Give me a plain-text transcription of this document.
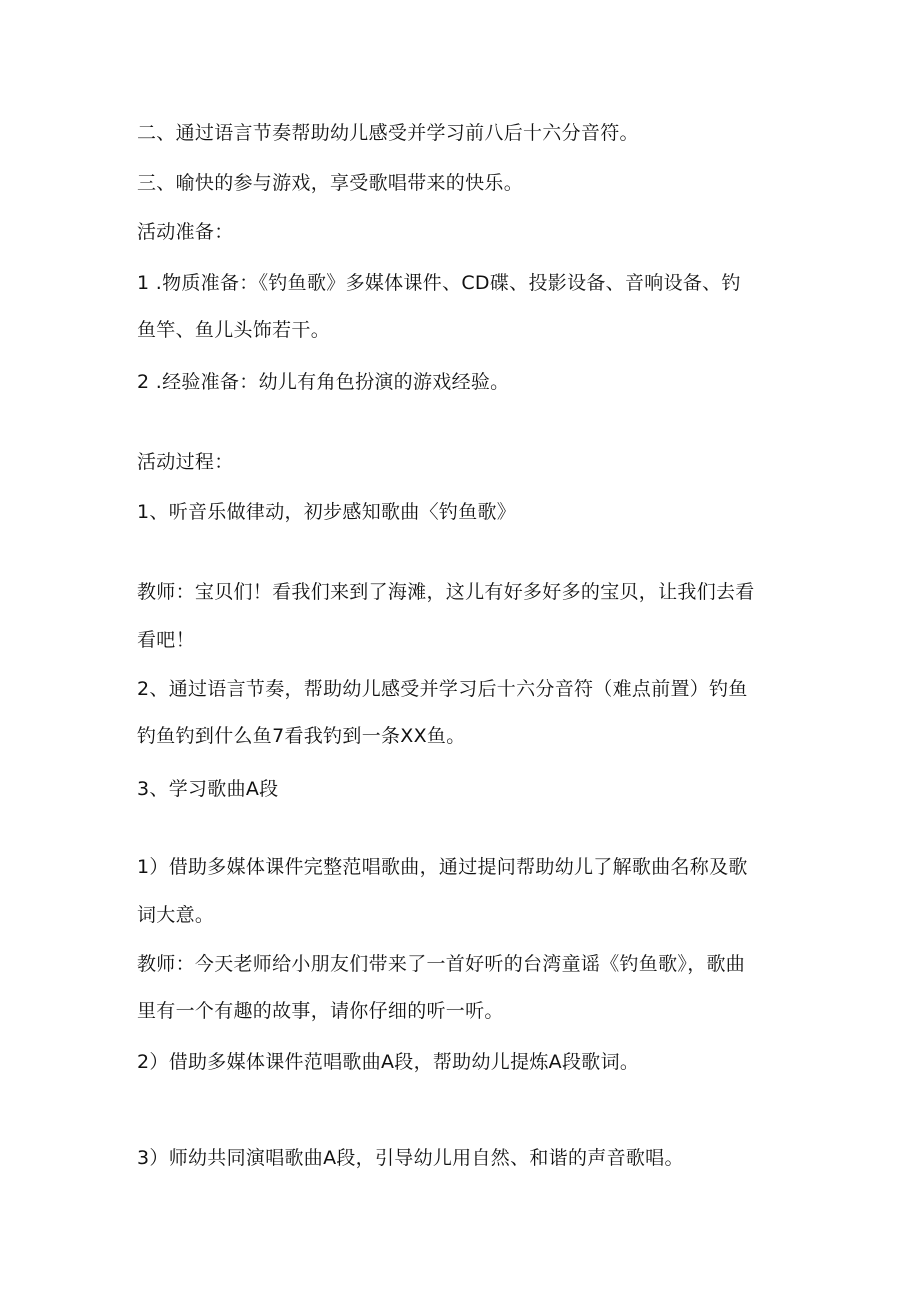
二、通过语言节奏帮助幼儿感受并学习前八后十六分音符。
三、喻快的参与游戏，享受歌唱带来的快乐。
活动准备：
1 .物质准备：《钓鱼歌》多媒体课件、CD碟、投影设备、音响设备、钓
鱼竿、鱼儿头饰若干。
2 .经验准备：幼儿有角色扮演的游戏经验。
活动过程：
1、听音乐做律动，初步感知歌曲〈钓鱼歌》
教师：宝贝们！看我们来到了海滩，这儿有好多好多的宝贝，让我们去看
看吧！
2、通过语言节奏，帮助幼儿感受并学习后十六分音符（难点前置）钓鱼
钓鱼钓到什么鱼7看我钓到一条XX鱼。
3、学习歌曲A段
1）借助多媒体课件完整范唱歌曲，通过提问帮助幼儿了解歌曲名称及歌
词大意。
教师：今天老师给小朋友们带来了一首好听的台湾童谣《钓鱼歌》，歌曲
里有一个有趣的故事，请你仔细的听一听。
2）借助多媒体课件范唱歌曲A段，帮助幼儿提炼A段歌词。
3）师幼共同演唱歌曲A段，引导幼儿用自然、和谐的声音歌唱。
